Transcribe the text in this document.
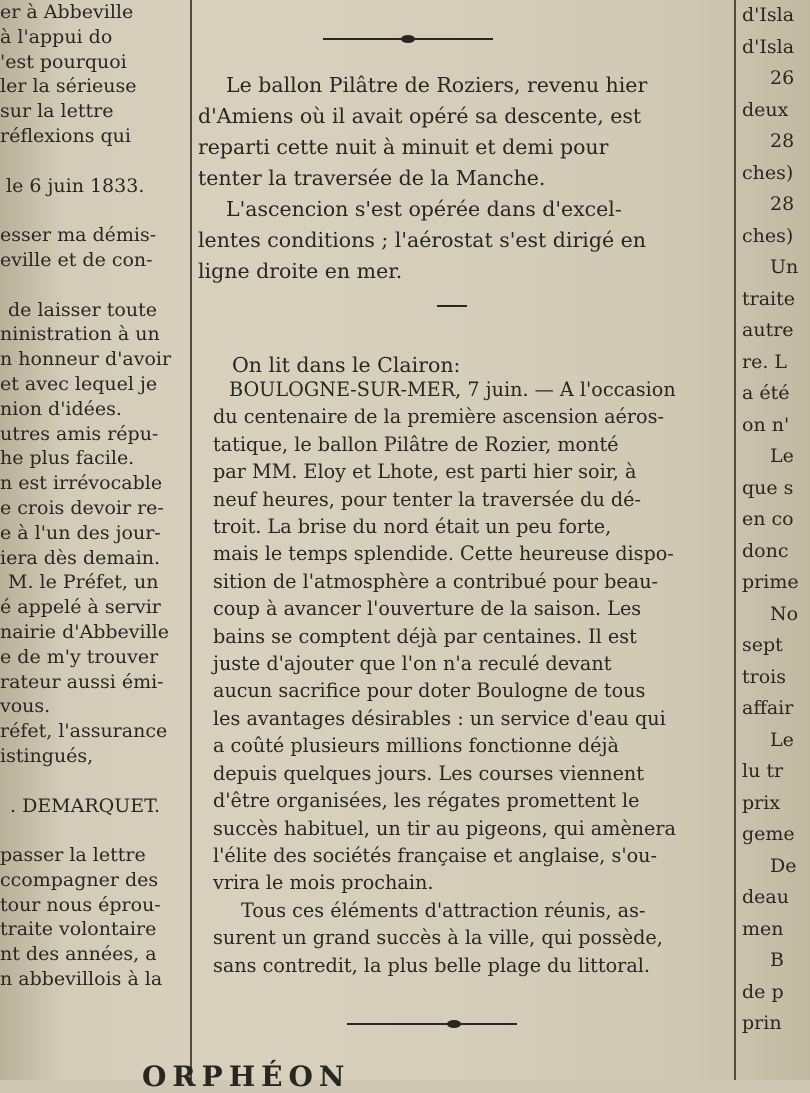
er à Abbeville
à l'appui do
'est pourquoi
ler la sérieuse
sur la lettre
réflexions qui

le 6 juin 1833.

esser ma démis-
eville et de con-

de laisser toute
ninistration à un
n honneur d'avoir
et avec lequel je
nion d'idées.
utres amis répu-
he plus facile.
n est irrévocable
e crois devoir re-
e à l'un des jour-
iera dès demain.
M. le Préfet, un
é appelé à servir
nairie d'Abbeville
e de m'y trouver
rateur aussi émi-
vous.
réfet, l'assurance
istingués,

. DEMARQUET.

passer la lettre
ccompagner des
tour nous éprou-
traite volontaire
nt des années, a
n abbevillois à la
d'Isla
d'Isla
26
deux
28
ches)
28
ches)
Un
traite
autre
re. L
a été
on n'
Le
que s
en co
donc
prime
No
sept
trois
affair
Le
lu tr
prix
geme
De
deau
men
B
de p
prin
Le ballon Pilâtre de Roziers, revenu hier
d'Amiens où il avait opéré sa descente, est
reparti cette nuit à minuit et demi pour
tenter la traversée de la Manche.
L'ascencion s'est opérée dans d'excel-
lentes conditions ; l'aérostat s'est dirigé en
ligne droite en mer.
On lit dans le Clairon:
BOULOGNE-SUR-MER, 7 juin. — A l'occasion
du centenaire de la première ascension aéros-
tatique, le ballon Pilâtre de Rozier, monté
par MM. Eloy et Lhote, est parti hier soir, à
neuf heures, pour tenter la traversée du dé-
troit. La brise du nord était un peu forte,
mais le temps splendide. Cette heureuse dispo-
sition de l'atmosphère a contribué pour beau-
coup à avancer l'ouverture de la saison. Les
bains se comptent déjà par centaines. Il est
juste d'ajouter que l'on n'a reculé devant
aucun sacrifice pour doter Boulogne de tous
les avantages désirables : un service d'eau qui
a coûté plusieurs millions fonctionne déjà
depuis quelques jours. Les courses viennent
d'être organisées, les régates promettent le
succès habituel, un tir au pigeons, qui amènera
l'élite des sociétés française et anglaise, s'ou-
vrira le mois prochain.
Tous ces éléments d'attraction réunis, as-
surent un grand succès à la ville, qui possède,
sans contredit, la plus belle plage du littoral.
ORPHÉON
